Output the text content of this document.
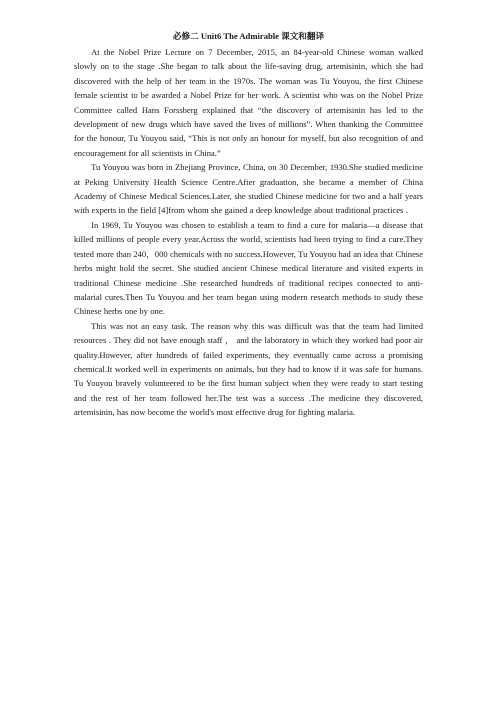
必修二 Unit6 The Admirable 课文和翻译

At the Nobel Prize Lecture on 7 December, 2015, an 84-year-old Chinese woman walked slowly on to the stage .She began to talk about the life-saving drug, artemisinin, which she had discovered with the help of her team in the 1970s. The woman was Tu Youyou, the first Chinese female scientist to be awarded a Nobel Prize for her work. A scientist who was on the Nobel Prize Committee called Hans Forssberg explained that “the discovery of artemisinin has led to the development of new drugs which have saved the lives of millions”. When thanking the Committee for the honour, Tu Youyou said, “This is not only an honour for myself, but also recognition of and encouragement for all scientists in China.”

Tu Youyou was born in Zhejiang Province, China, on 30 December, 1930.She studied medicine at Peking University Health Science Centre.After graduation, she became a member of China Academy of Chinese Medical Sciences.Later, she studied Chinese medicine for two and a half years with experts in the field [4]from whom she gained a deep knowledge about traditional practices .

In 1969, Tu Youyou was chosen to establish a team to find a cure for malaria—a disease that killed millions of people every year.Across the world, scientists had been trying to find a cure.They tested more than 240，000 chemicals with no success.However, Tu Youyou had an idea that Chinese herbs might hold the secret. She studied ancient Chinese medical literature and visited experts in traditional Chinese medicine .She researched hundreds of traditional recipes connected to anti-malarial cures.Then Tu Youyou and her team began using modern research methods to study these Chinese herbs one by one.

This was not an easy task. The reason why this was difficult was that the team had limited resources . They did not have enough staff ， and the laboratory in which they worked had poor air quality.However, after hundreds of failed experiments, they eventually came across a promising chemical.It worked well in experiments on animals, but they had to know if it was safe for humans. Tu Youyou bravely volunteered to be the first human subject when they were ready to start testing and the rest of her team followed her.The test was a success .The medicine they discovered, artemisinin, has now become the world's most effective drug for fighting malaria.
